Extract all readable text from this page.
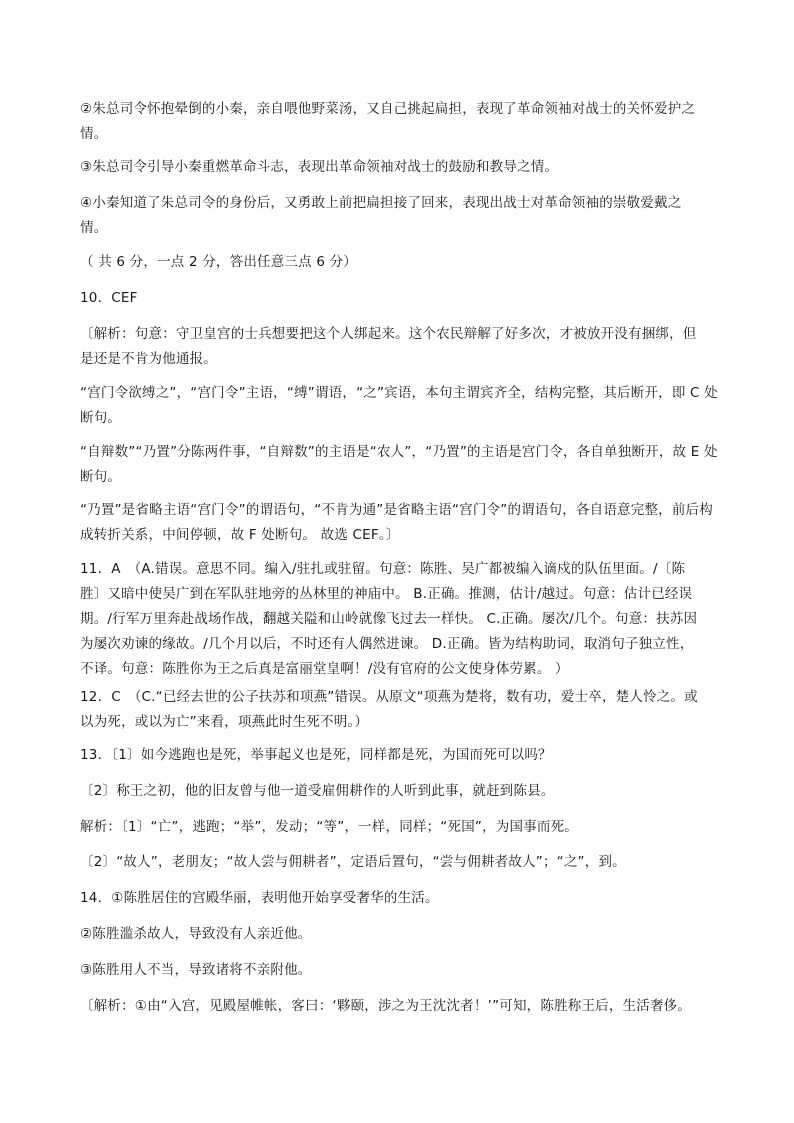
②朱总司令怀抱晕倒的小秦，亲自喂他野菜汤，又自己挑起扁担，表现了革命领袖对战士的关怀爱护之
情。

③朱总司令引导小秦重燃革命斗志，表现出革命领袖对战士的鼓励和教导之情。

④小秦知道了朱总司令的身份后，又勇敢上前把扁担接了回来，表现出战士对革命领袖的崇敬爱戴之
情。

（ 共 6 分，一点 2 分，答出任意三点 6 分）

10．CEF

〔解析：句意：守卫皇宫的士兵想要把这个人绑起来。这个农民辩解了好多次，才被放开没有捆绑，但
是还是不肯为他通报。

“宫门令欲缚之”，“宫门令”主语，“缚”谓语，“之”宾语，本句主谓宾齐全，结构完整，其后断开，即 C 处
断句。

“自辩数”“乃置”分陈两件事，“自辩数”的主语是“农人”，“乃置”的主语是宫门令，各自单独断开，故 E 处
断句。

“乃置”是省略主语“宫门令”的谓语句，“不肯为通”是省略主语“宫门令”的谓语句，各自语意完整，前后构
成转折关系，中间停顿，故 F 处断句。 故选 CEF。〕

11．A　（A.错误。意思不同。编入/驻扎或驻留。句意：陈胜、吴广都被编入谪戍的队伍里面。/〔陈
胜〕又暗中使吴广到在军队驻地旁的丛林里的神庙中。 B.正确。推测，估计/越过。句意：估计已经误
期。/行军万里奔赴战场作战，翻越关隘和山岭就像飞过去一样快。 C.正确。屡次/几个。句意：扶苏因
为屡次劝谏的缘故。/几个月以后，不时还有人偶然进谏。 D.正确。皆为结构助词，取消句子独立性，
不译。句意：陈胜你为王之后真是富丽堂皇啊！/没有官府的公文使身体劳累。 ）

12．C　（C.“已经去世的公子扶苏和项燕”错误。从原文“项燕为楚将，数有功，爱士卒，楚人怜之。或
以为死，或以为亡”来看，项燕此时生死不明。）

13．〔1〕如今逃跑也是死，举事起义也是死，同样都是死，为国而死可以吗？

〔2〕称王之初，他的旧友曾与他一道受雇佣耕作的人听到此事，就赶到陈县。

解析：〔1〕“亡”，逃跑；“举”，发动；“等”，一样，同样；“死国”，为国事而死。

〔2〕“故人”，老朋友；“故人尝与佣耕者”，定语后置句，“尝与佣耕者故人”；“之”，到。

14．①陈胜居住的宫殿华丽，表明他开始享受奢华的生活。

②陈胜滥杀故人，导致没有人亲近他。

③陈胜用人不当，导致诸将不亲附他。

〔解析：①由“入宫，见殿屋帷帐，客曰：‘夥颐，涉之为王沈沈者！’”可知，陈胜称王后，生活奢侈。
